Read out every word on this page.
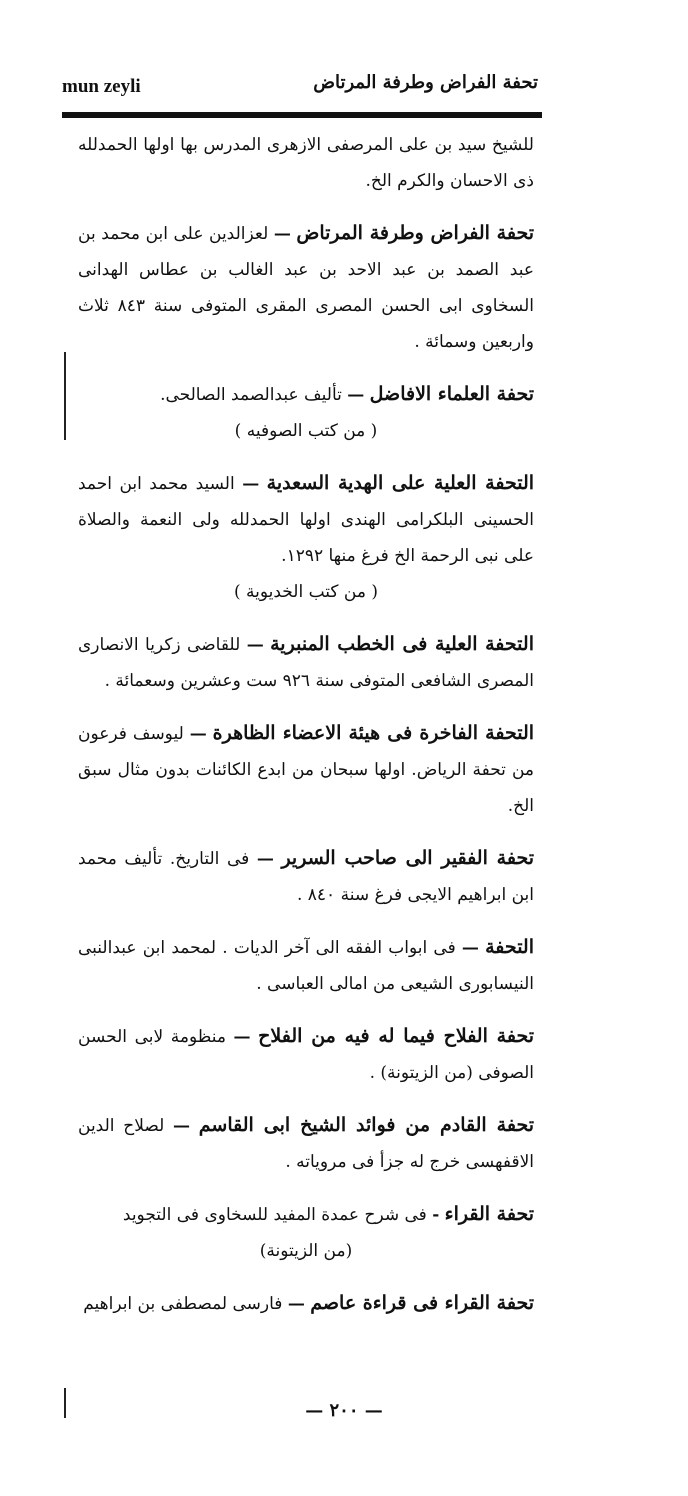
mun zeyli	تحفة الفراض وطرفة المرتاض

للشيخ سيد بن على المرصفى الازهرى المدرس بها اولها الحمدلله ذى الاحسان والكرم الخ.

تحفة الفراض وطرفة المرتاض — لعزالدين على ابن محمد بن عبد الصمد بن عبد الاحد بن عبد الغالب بن عطاس الهدانى السخاوى ابى الحسن المصرى المقرى المتوفى سنة ٨٤٣ ثلاث واربعين وسمائة .

تحفة العلماء الافاضل — تأليف عبدالصمد الصالحى.
( من كتب الصوفيه )

التحفة العلية على الهدية السعدية — السيد محمد ابن احمد الحسينى البلكرامى الهندى اولها الحمدلله ولى النعمة والصلاة على نبى الرحمة الخ فرغ منها ١٢٩٢.
( من كتب الخديوية )

التحفة العلية فى الخطب المنبرية — للقاضى زكريا الانصارى المصرى الشافعى المتوفى سنة ٩٢٦ ست وعشرين وسعمائة .

التحفة الفاخرة فى هيئة الاعضاء الظاهرة — ليوسف فرعون من تحفة الرياض. اولها سبحان من ابدع الكائنات بدون مثال سبق الخ.

تحفة الفقير الى صاحب السرير — فى التاريخ. تأليف محمد ابن ابراهيم الايجى فرغ سنة ٨٤٠ .

التحفة — فى ابواب الفقه الى آخر الديات . لمحمد ابن عبدالنبى النيسابورى الشيعى من امالى العباسى .

تحفة الفلاح فيما له فيه من الفلاح — منظومة لابى الحسن الصوفى (من الزيتونة) .

تحفة القادم من فوائد الشيخ ابى القاسم — لصلاح الدين الاقفهسى خرج له جزأ فى مروياته .

تحفة القراء - فى شرح عمدة المفيد للسخاوى فى التجويد
(من الزيتونة)

تحفة القراء فى قراءة عاصم — فارسى لمصطفى بن ابراهيم

— ٢٠٠ —
